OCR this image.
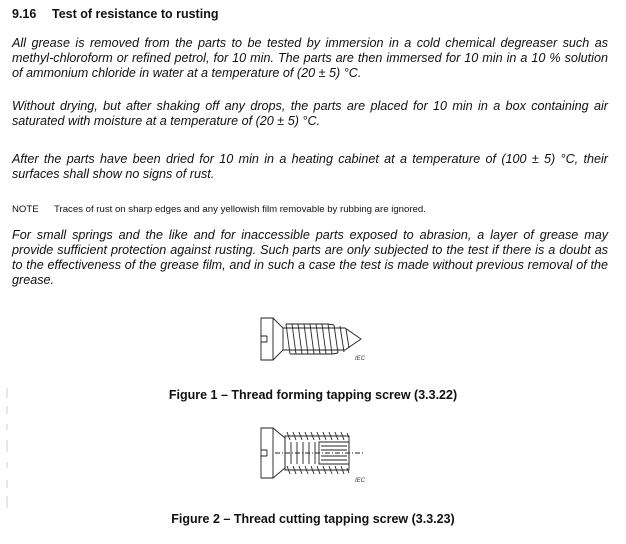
9.16 Test of resistance to rusting

All grease is removed from the parts to be tested by immersion in a cold chemical degreaser such as methyl-chloroform or refined petrol, for 10 min. The parts are then immersed for 10 min in a 10 % solution of ammonium chloride in water at a temperature of (20 ± 5) °C.

Without drying, but after shaking off any drops, the parts are placed for 10 min in a box containing air saturated with moisture at a temperature of (20 ± 5) °C.

After the parts have been dried for 10 min in a heating cabinet at a temperature of (100 ± 5) °C, their surfaces shall show no signs of rust.

NOTE Traces of rust on sharp edges and any yellowish film removable by rubbing are ignored.

For small springs and the like and for inaccessible parts exposed to abrasion, a layer of grease may provide sufficient protection against rusting. Such parts are only subjected to the test if there is a doubt as to the effectiveness of the grease film, and in such a case the test is made without previous removal of the grease.

IEC
Figure 1 – Thread forming tapping screw (3.3.22)
IEC
Figure 2 – Thread cutting tapping screw (3.3.23)
